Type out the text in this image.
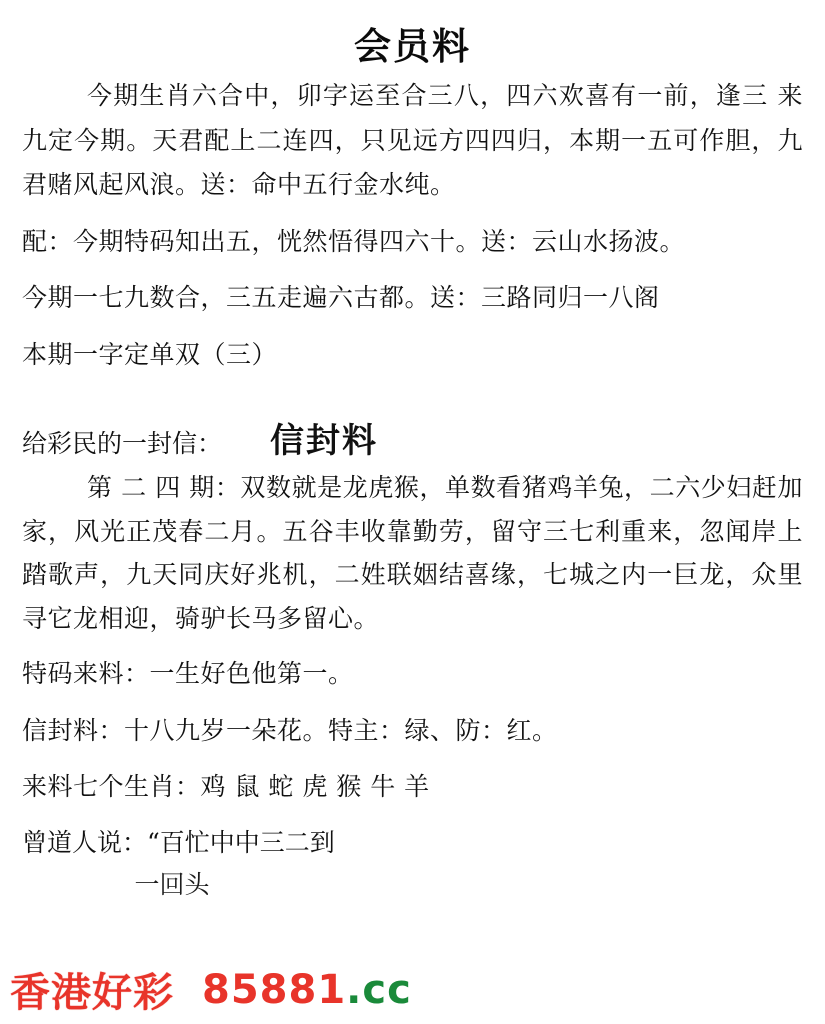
会员料
今期生肖六合中，卯字运至合三八，四六欢喜有一前，逢三 来九定今期。天君配上二连四，只见远方四四归，本期一五可作胆，九君赌风起风浪。送：命中五行金水纯。
配：今期特码知出五，恍然悟得四六十。送：云山水扬波。
今期一七九数合，三五走遍六古都。送：三路同归一八阁
本期一字定单双（三）
给彩民的一封信： 信封料
第 二 四 期：双数就是龙虎猴，单数看猪鸡羊兔，二六少妇赶加家，风光正茂春二月。五谷丰收靠勤劳，留守三七利重来，忽闻岸上踏歌声，九天同庆好兆机，二姓联姻结喜缘，七城之内一巨龙，众里寻它龙相迎，骑驴长马多留心。
特码来料：一生好色他第一。
信封料：十八九岁一朵花。特主：绿、防：红。
来料七个生肖：鸡 鼠 蛇 虎 猴 牛 羊
曾道人说：“百忙中中三二到
一回头
香港好彩 85881.cc
